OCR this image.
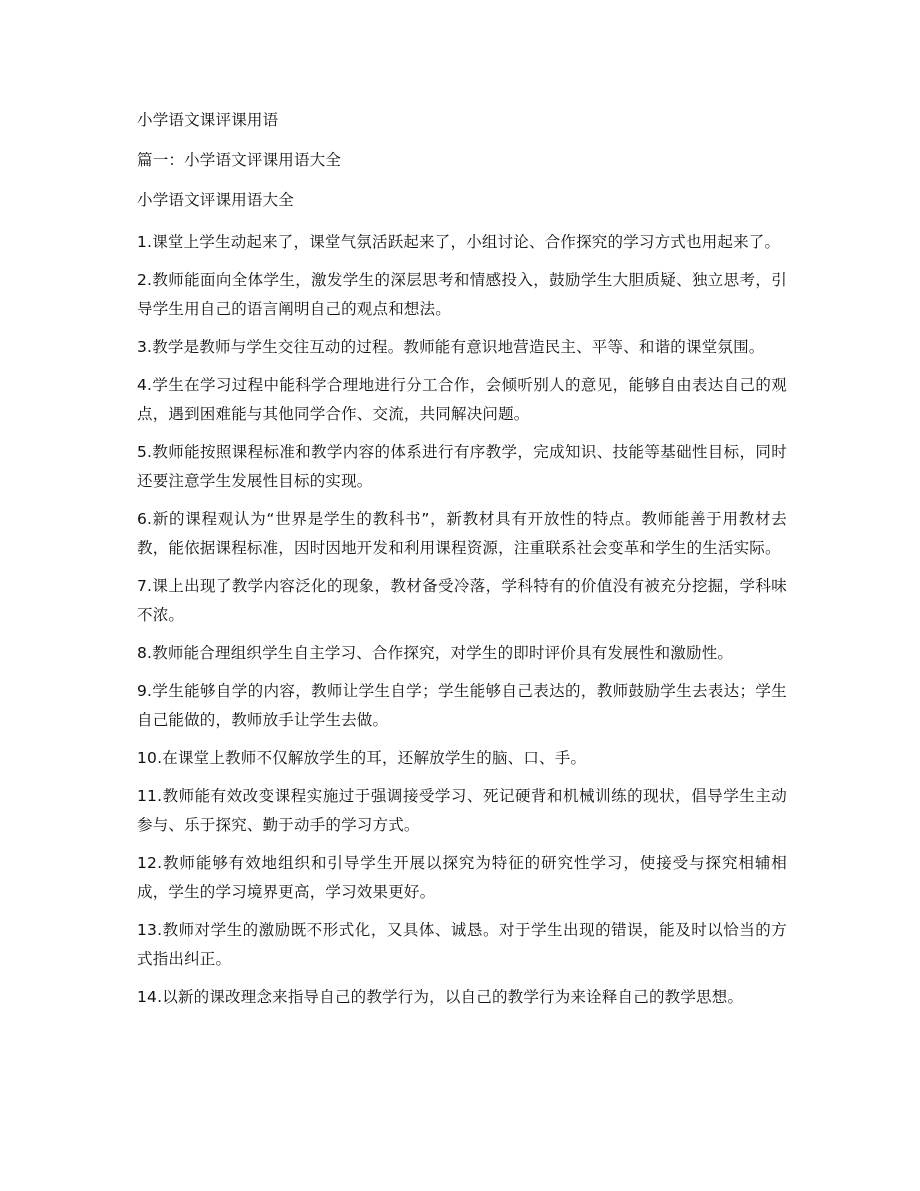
小学语文课评课用语

篇一：小学语文评课用语大全

小学语文评课用语大全

1.课堂上学生动起来了，课堂气氛活跃起来了，小组讨论、合作探究的学习方式也用起来了。

2.教师能面向全体学生，激发学生的深层思考和情感投入，鼓励学生大胆质疑、独立思考，引导学生用自己的语言阐明自己的观点和想法。

3.教学是教师与学生交往互动的过程。教师能有意识地营造民主、平等、和谐的课堂氛围。

4.学生在学习过程中能科学合理地进行分工合作，会倾听别人的意见，能够自由表达自己的观点，遇到困难能与其他同学合作、交流，共同解决问题。

5.教师能按照课程标准和教学内容的体系进行有序教学，完成知识、技能等基础性目标，同时还要注意学生发展性目标的实现。

6.新的课程观认为“世界是学生的教科书”，新教材具有开放性的特点。教师能善于用教材去教，能依据课程标准，因时因地开发和利用课程资源，注重联系社会变革和学生的生活实际。

7.课上出现了教学内容泛化的现象，教材备受冷落，学科特有的价值没有被充分挖掘，学科味不浓。

8.教师能合理组织学生自主学习、合作探究，对学生的即时评价具有发展性和激励性。

9.学生能够自学的内容，教师让学生自学；学生能够自己表达的，教师鼓励学生去表达；学生自己能做的，教师放手让学生去做。

10.在课堂上教师不仅解放学生的耳，还解放学生的脑、口、手。

11.教师能有效改变课程实施过于强调接受学习、死记硬背和机械训练的现状，倡导学生主动参与、乐于探究、勤于动手的学习方式。

12.教师能够有效地组织和引导学生开展以探究为特征的研究性学习，使接受与探究相辅相成，学生的学习境界更高，学习效果更好。

13.教师对学生的激励既不形式化，又具体、诚恳。对于学生出现的错误，能及时以恰当的方式指出纠正。

14.以新的课改理念来指导自己的教学行为，以自己的教学行为来诠释自己的教学思想。
